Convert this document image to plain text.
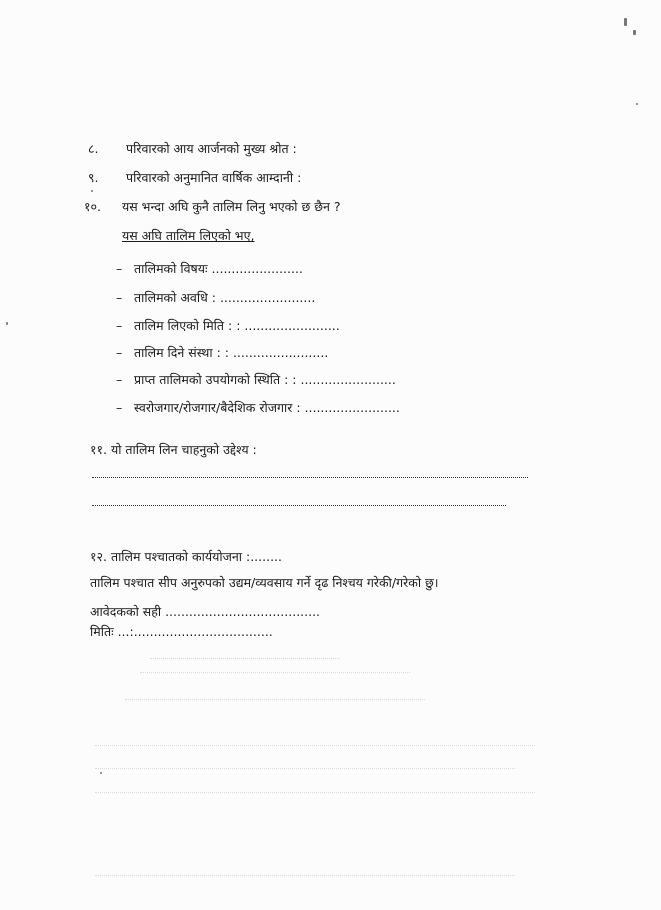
८. परिवारको आय आर्जनको मुख्य श्रोत :
९. परिवारको अनुमानित वार्षिक आम्दानी :
१०. यस भन्दा अघि कुनै तालिम लिनु भएको छ छैन ?
यस अघि तालिम लिएको भए,
– तालिमको विषयः .......................
– तालिमको अवधि : ........................
– तालिम लिएको मिति : : ........................
– तालिम दिने संस्था : : ........................
– प्राप्त तालिमको उपयोगको स्थिति : : ........................
– स्वरोजगार/रोजगार/बैदेशिक रोजगार : ........................
११. यो तालिम लिन चाहनुको उद्देश्य :
१२. तालिम पश्चातको कार्ययोजना :........
तालिम पश्चात सीप अनुरुपको उद्यम/व्यवसाय गर्ने दृढ निश्चय गरेकी/गरेको छु।
आवेदकको सही .......................................
मितिः ...:...................................
